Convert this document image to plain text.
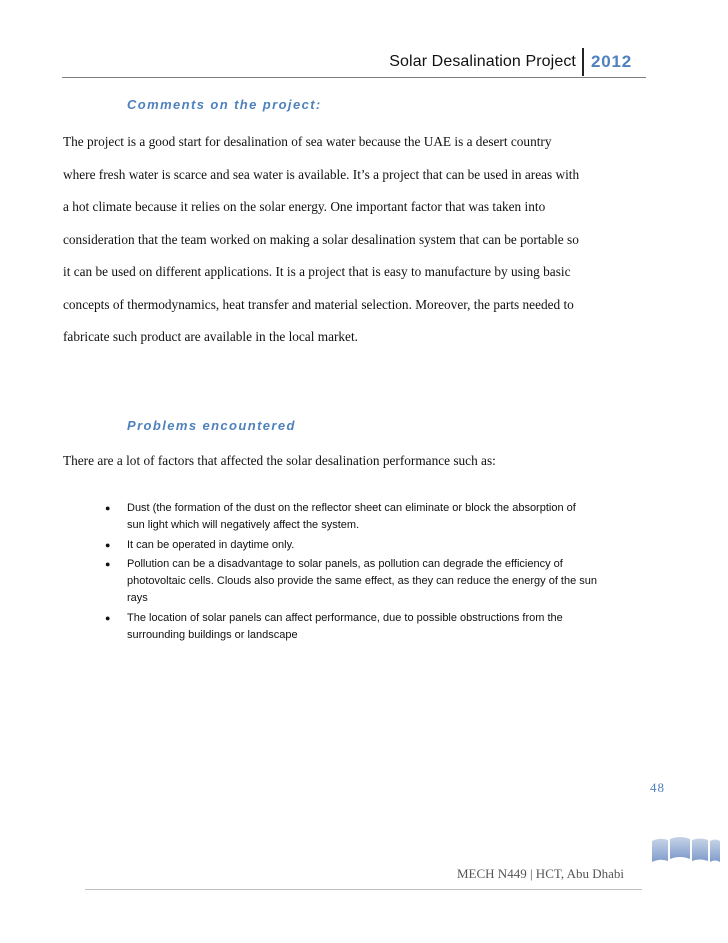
Solar Desalination Project 2012
Comments on the project:
The project is a good start for desalination of sea water because the UAE is a desert country
where fresh water is scarce and sea water is available. It’s a project that can be used in areas with
a hot climate because it relies on the solar energy. One important factor that was taken into
consideration that the team worked on making a solar desalination system that can be portable so
it can be used on different applications. It is a project that is easy to manufacture by using basic
concepts of thermodynamics, heat transfer and material selection. Moreover, the parts needed to
fabricate such product are available in the local market.
Problems encountered
There are a lot of factors that affected the solar desalination performance such as:
● Dust (the formation of the dust on the reflector sheet can eliminate or block the absorption of
sun light which will negatively affect the system.
● It can be operated in daytime only.
● Pollution can be a disadvantage to solar panels, as pollution can degrade the efficiency of
photovoltaic cells. Clouds also provide the same effect, as they can reduce the energy of the sun
rays
● The location of solar panels can affect performance, due to possible obstructions from the
surrounding buildings or landscape
48
MECH N449 | HCT, Abu Dhabi
